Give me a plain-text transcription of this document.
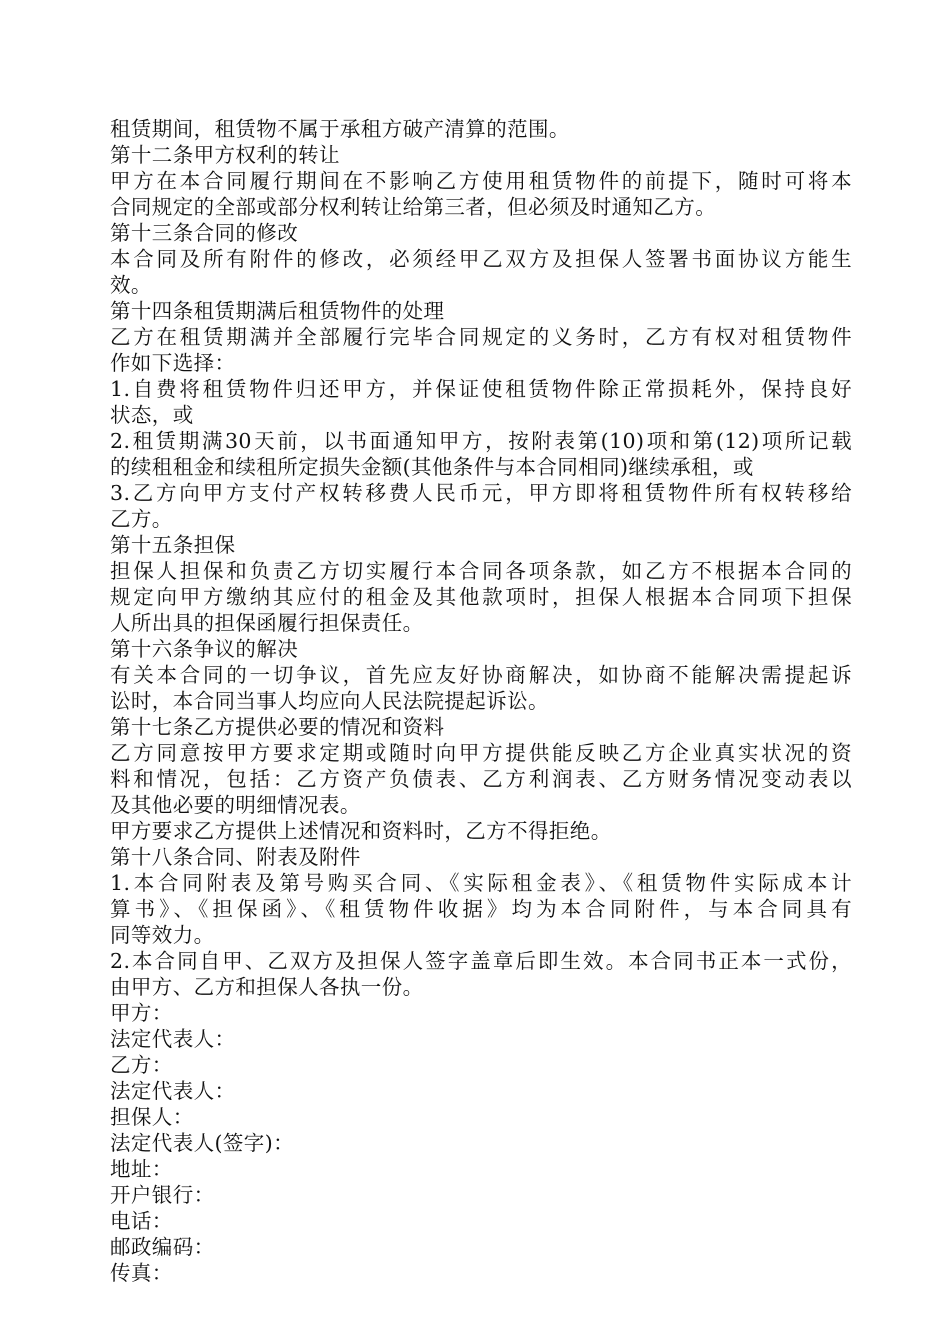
租赁期间，租赁物不属于承租方破产清算的范围。
第十二条甲方权利的转让
甲方在本合同履行期间在不影响乙方使用租赁物件的前提下，随时可将本
合同规定的全部或部分权利转让给第三者，但必须及时通知乙方。
第十三条合同的修改
本合同及所有附件的修改，必须经甲乙双方及担保人签署书面协议方能生
效。
第十四条租赁期满后租赁物件的处理
乙方在租赁期满并全部履行完毕合同规定的义务时，乙方有权对租赁物件
作如下选择：
1.自费将租赁物件归还甲方，并保证使租赁物件除正常损耗外，保持良好
状态，或
2.租赁期满30天前，以书面通知甲方，按附表第(10)项和第(12)项所记载
的续租租金和续租所定损失金额(其他条件与本合同相同)继续承租，或
3.乙方向甲方支付产权转移费人民币元，甲方即将租赁物件所有权转移给
乙方。
第十五条担保
担保人担保和负责乙方切实履行本合同各项条款，如乙方不根据本合同的
规定向甲方缴纳其应付的租金及其他款项时，担保人根据本合同项下担保
人所出具的担保函履行担保责任。
第十六条争议的解决
有关本合同的一切争议，首先应友好协商解决，如协商不能解决需提起诉
讼时，本合同当事人均应向人民法院提起诉讼。
第十七条乙方提供必要的情况和资料
乙方同意按甲方要求定期或随时向甲方提供能反映乙方企业真实状况的资
料和情况，包括：乙方资产负债表、乙方利润表、乙方财务情况变动表以
及其他必要的明细情况表。
甲方要求乙方提供上述情况和资料时，乙方不得拒绝。
第十八条合同、附表及附件
1.本合同附表及第号购买合同、《实际租金表》、《租赁物件实际成本计
算书》、《担保函》、《租赁物件收据》均为本合同附件，与本合同具有
同等效力。
2.本合同自甲、乙双方及担保人签字盖章后即生效。本合同书正本一式份，
由甲方、乙方和担保人各执一份。
甲方：
法定代表人：
乙方：
法定代表人：
担保人：
法定代表人(签字)：
地址：
开户银行：
电话：
邮政编码：
传真：
